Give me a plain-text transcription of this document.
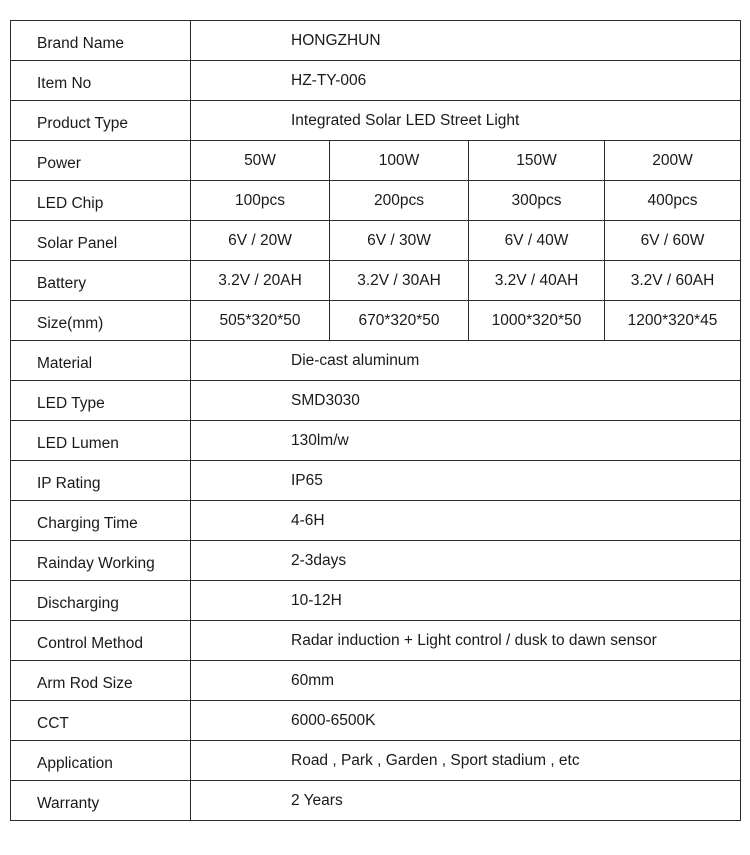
Brand Name	HONGZHUN			
Item No	HZ-TY-006			
Product Type	Integrated Solar LED Street Light			
Power	50W	100W	150W	200W
LED Chip	100pcs	200pcs	300pcs	400pcs
Solar Panel	6V / 20W	6V / 30W	6V / 40W	6V / 60W
Battery	3.2V / 20AH	3.2V / 30AH	3.2V / 40AH	3.2V / 60AH
Size(mm)	505*320*50	670*320*50	1000*320*50	1200*320*45
Material	Die-cast aluminum			
LED Type	SMD3030			
LED Lumen	130lm/w			
IP Rating	IP65			
Charging Time	4-6H			
Rainday Working	2-3days			
Discharging	10-12H			
Control Method	Radar induction + Light control / dusk to dawn sensor			
Arm Rod Size	60mm			
CCT	6000-6500K			
Application	Road , Park , Garden , Sport stadium , etc			
Warranty	2 Years			
